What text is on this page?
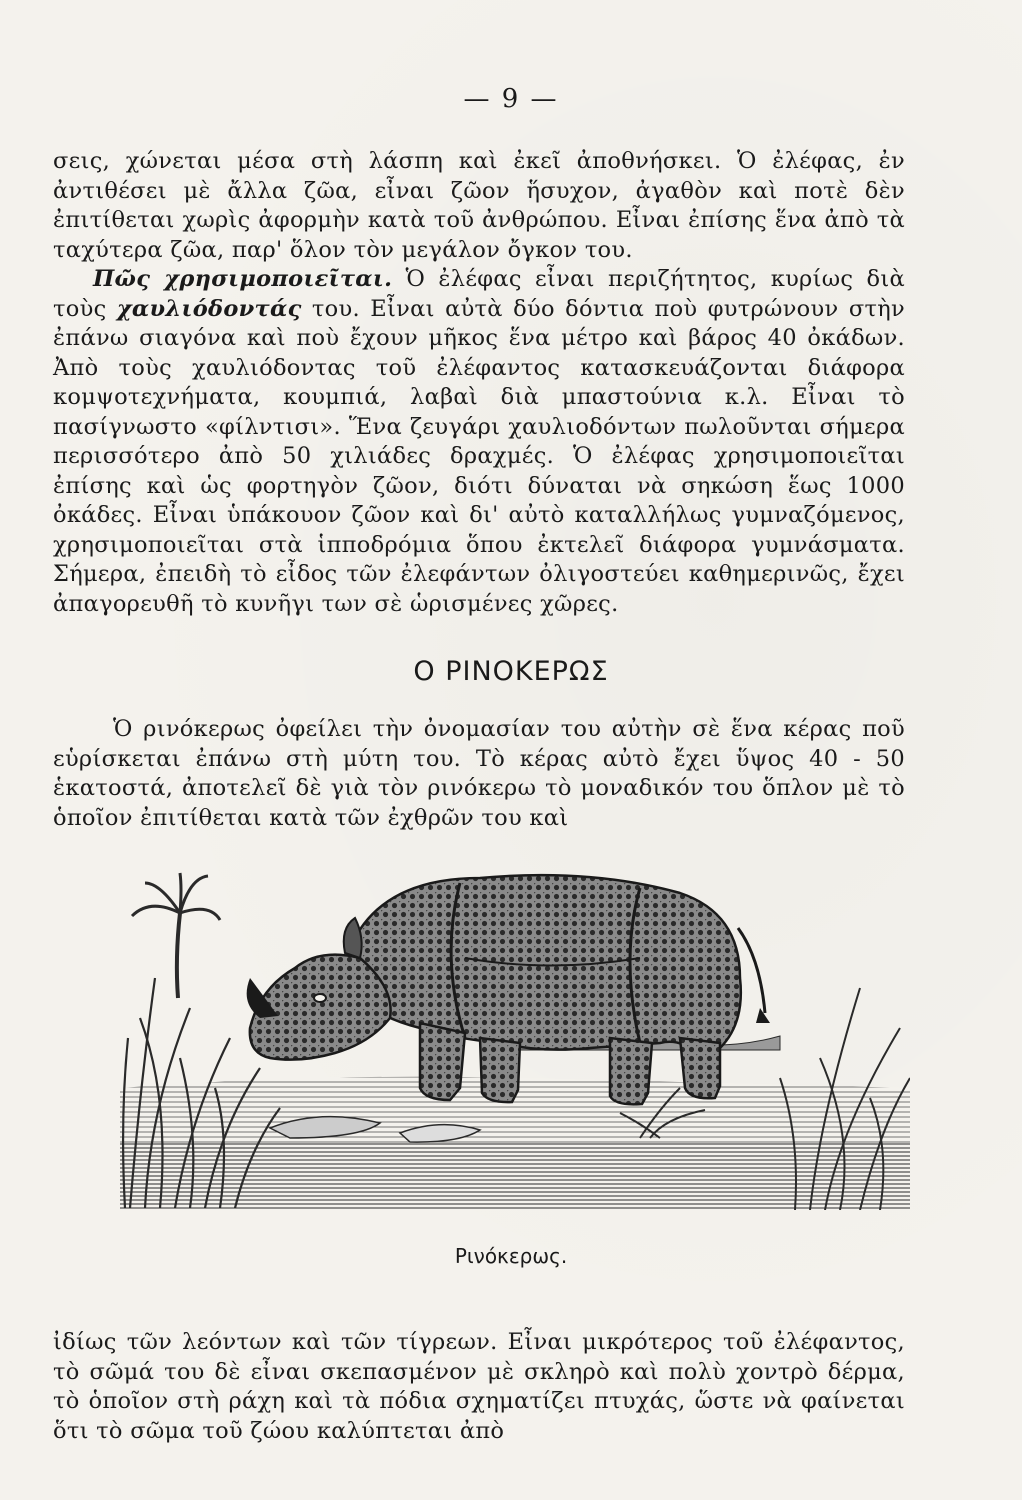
— 9 —

σεις, χώνεται μέσα στὴ λάσπη καὶ ἐκεῖ ἀποθνήσκει. Ὁ ἐλέφας, ἐν ἀντιθέσει μὲ ἄλλα ζῶα, εἶναι ζῶον ἥσυχον, ἀγαθὸν καὶ ποτὲ δὲν ἐπιτίθεται χωρὶς ἀφορμὴν κατὰ τοῦ ἀνθρώπου. Εἶναι ἐπίσης ἕνα ἀπὸ τὰ ταχύτερα ζῶα, παρ' ὅλον τὸν μεγάλον ὄγκον του.

Πῶς χρησιμοποιεῖται. Ὁ ἐλέφας εἶναι περιζήτητος, κυρίως διὰ τοὺς χαυλιόδοντάς του. Εἶναι αὐτὰ δύο δόντια ποὺ φυτρώνουν στὴν ἐπάνω σιαγόνα καὶ ποὺ ἔχουν μῆκος ἕνα μέτρο καὶ βάρος 40 ὀκάδων. Ἀπὸ τοὺς χαυλιόδοντας τοῦ ἐλέφαντος κατασκευάζονται διάφορα κομψοτεχνήματα, κουμπιά, λαβαὶ διὰ μπαστούνια κ.λ. Εἶναι τὸ πασίγνωστο «φίλντισι». Ἕνα ζευγάρι χαυλιοδόντων πωλοῦνται σήμερα περισσότερο ἀπὸ 50 χιλιάδες δραχμές. Ὁ ἐλέφας χρησιμοποιεῖται ἐπίσης καὶ ὡς φορτηγὸν ζῶον, διότι δύναται νὰ σηκώση ἕως 1000 ὀκάδες. Εἶναι ὑπάκουον ζῶον καὶ δι' αὐτὸ καταλλήλως γυμναζόμενος, χρησιμοποιεῖται στὰ ἱπποδρόμια ὅπου ἐκτελεῖ διάφορα γυμνάσματα. Σήμερα, ἐπειδὴ τὸ εἶδος τῶν ἐλεφάντων ὀλιγοστεύει καθημερινῶς, ἔχει ἀπαγορευθῆ τὸ κυνῆγι των σὲ ὡρισμένες χῶρες.

Ο ΡΙΝΟΚΕΡΩΣ

Ὁ ρινόκερως ὀφείλει τὴν ὀνομασίαν του αὐτὴν σὲ ἕνα κέρας ποῦ εὑρίσκεται ἐπάνω στὴ μύτη του. Τὸ κέρας αὐτὸ ἔχει ὕψος 40 - 50 ἑκατοστά, ἀποτελεῖ δὲ γιὰ τὸν ρινόκερω τὸ μοναδικόν του ὅπλον μὲ τὸ ὁποῖον ἐπιτίθεται κατὰ τῶν ἐχθρῶν του καὶ

Ρινόκερως.

ἰδίως τῶν λεόντων καὶ τῶν τίγρεων. Εἶναι μικρότερος τοῦ ἐλέφαντος, τὸ σῶμά του δὲ εἶναι σκεπασμένον μὲ σκληρὸ καὶ πολὺ χοντρὸ δέρμα, τὸ ὁποῖον στὴ ράχη καὶ τὰ πόδια σχηματίζει πτυχάς, ὥστε νὰ φαίνεται ὅτι τὸ σῶμα τοῦ ζώου καλύπτεται ἀπὸ
